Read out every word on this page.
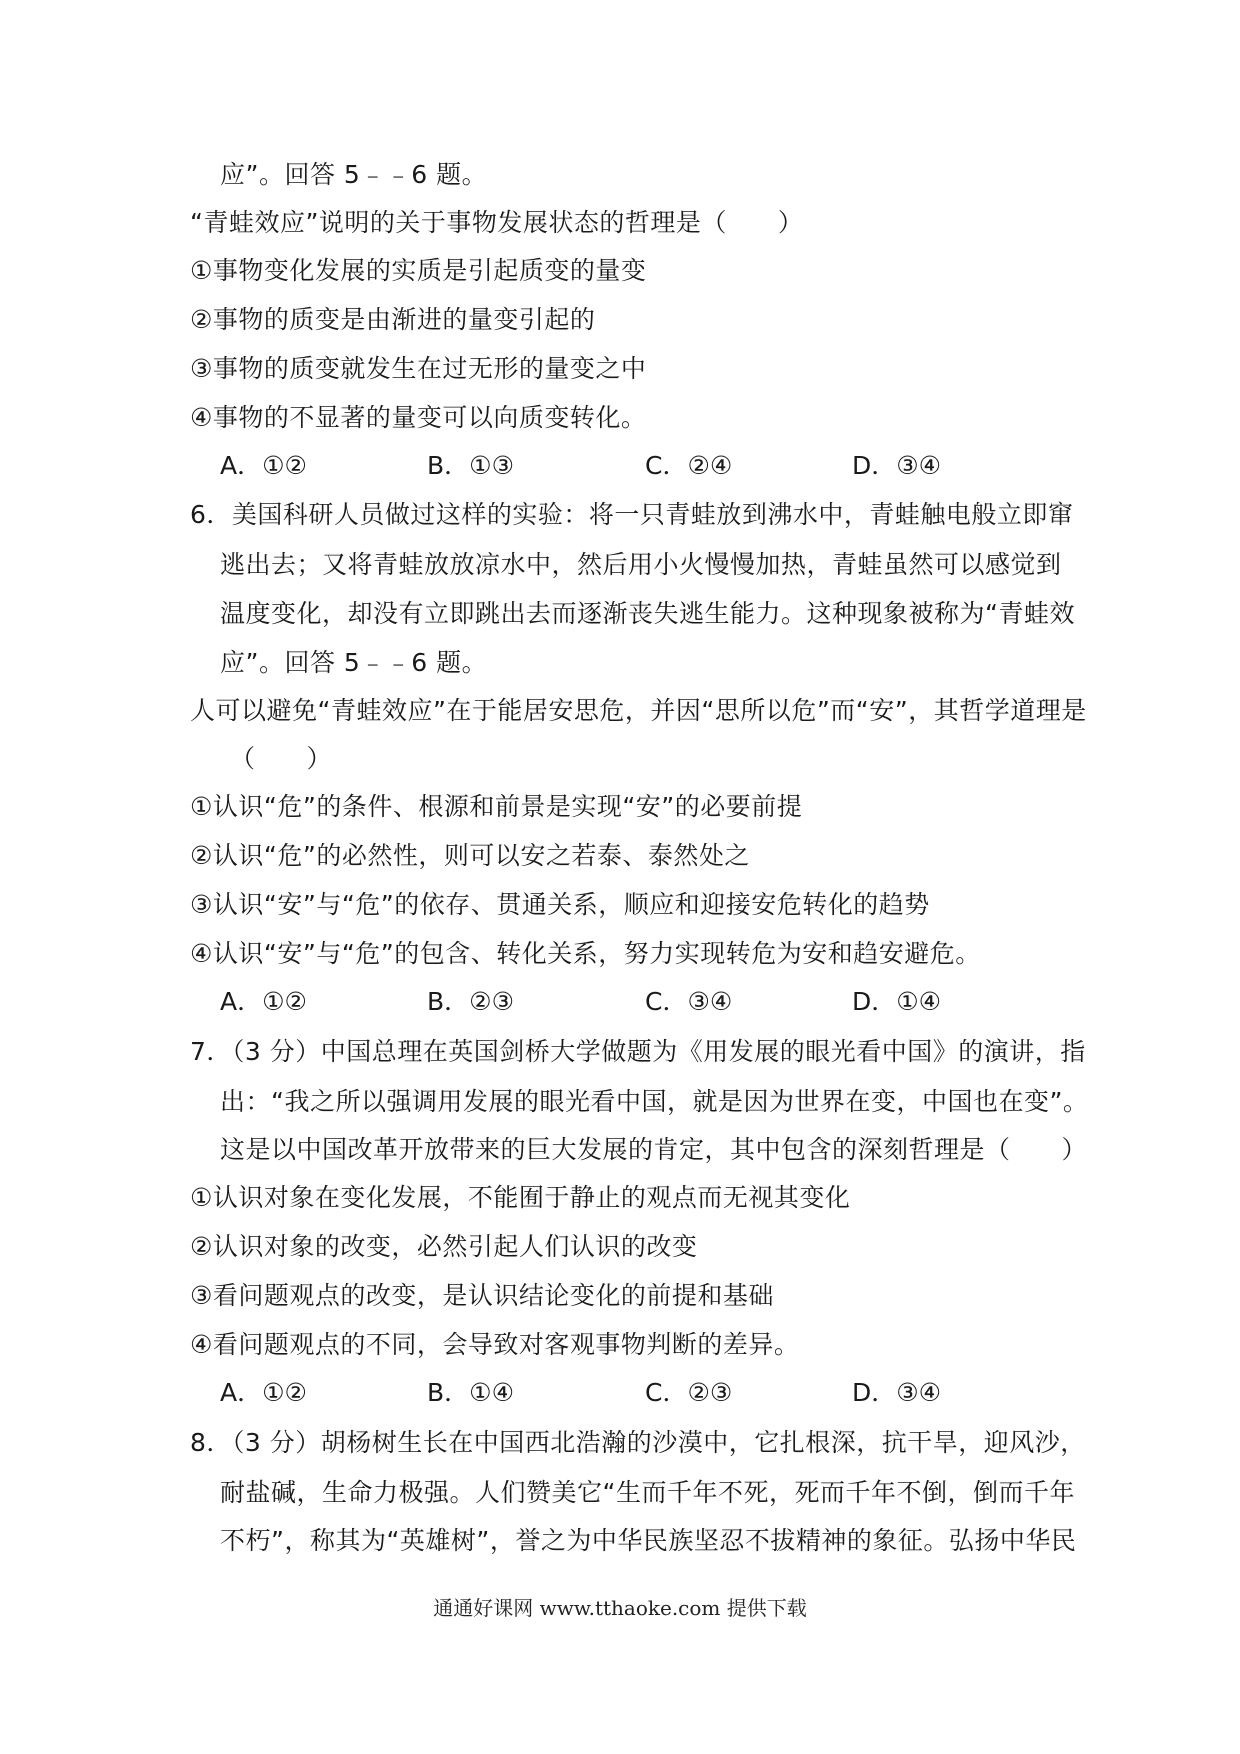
应”。回答 5﹣﹣6 题。
“青蛙效应”说明的关于事物发展状态的哲理是（　　）
①事物变化发展的实质是引起质变的量变
②事物的质变是由渐进的量变引起的
③事物的质变就发生在过无形的量变之中
④事物的不显著的量变可以向质变转化。
A．①②	B．①③	C．②④	D．③④
6．美国科研人员做过这样的实验：将一只青蛙放到沸水中，青蛙触电般立即窜
逃出去；又将青蛙放放凉水中，然后用小火慢慢加热，青蛙虽然可以感觉到
温度变化，却没有立即跳出去而逐渐丧失逃生能力。这种现象被称为“青蛙效
应”。回答 5﹣﹣6 题。
人可以避免“青蛙效应”在于能居安思危，并因“思所以危”而“安”，其哲学道理是
（　　）
①认识“危”的条件、根源和前景是实现“安”的必要前提
②认识“危”的必然性，则可以安之若泰、泰然处之
③认识“安”与“危”的依存、贯通关系，顺应和迎接安危转化的趋势
④认识“安”与“危”的包含、转化关系，努力实现转危为安和趋安避危。
A．①②	B．②③	C．③④	D．①④
7．（3 分）中国总理在英国剑桥大学做题为《用发展的眼光看中国》的演讲，指
出：“我之所以强调用发展的眼光看中国，就是因为世界在变，中国也在变”。
这是以中国改革开放带来的巨大发展的肯定，其中包含的深刻哲理是（　　）
①认识对象在变化发展，不能囿于静止的观点而无视其变化
②认识对象的改变，必然引起人们认识的改变
③看问题观点的改变，是认识结论变化的前提和基础
④看问题观点的不同，会导致对客观事物判断的差异。
A．①②	B．①④	C．②③	D．③④
8．（3 分）胡杨树生长在中国西北浩瀚的沙漠中，它扎根深，抗干旱，迎风沙，
耐盐碱，生命力极强。人们赞美它“生而千年不死，死而千年不倒，倒而千年
不朽”，称其为“英雄树”，誉之为中华民族坚忍不拔精神的象征。弘扬中华民
通通好课网 www.tthaoke.com 提供下载
